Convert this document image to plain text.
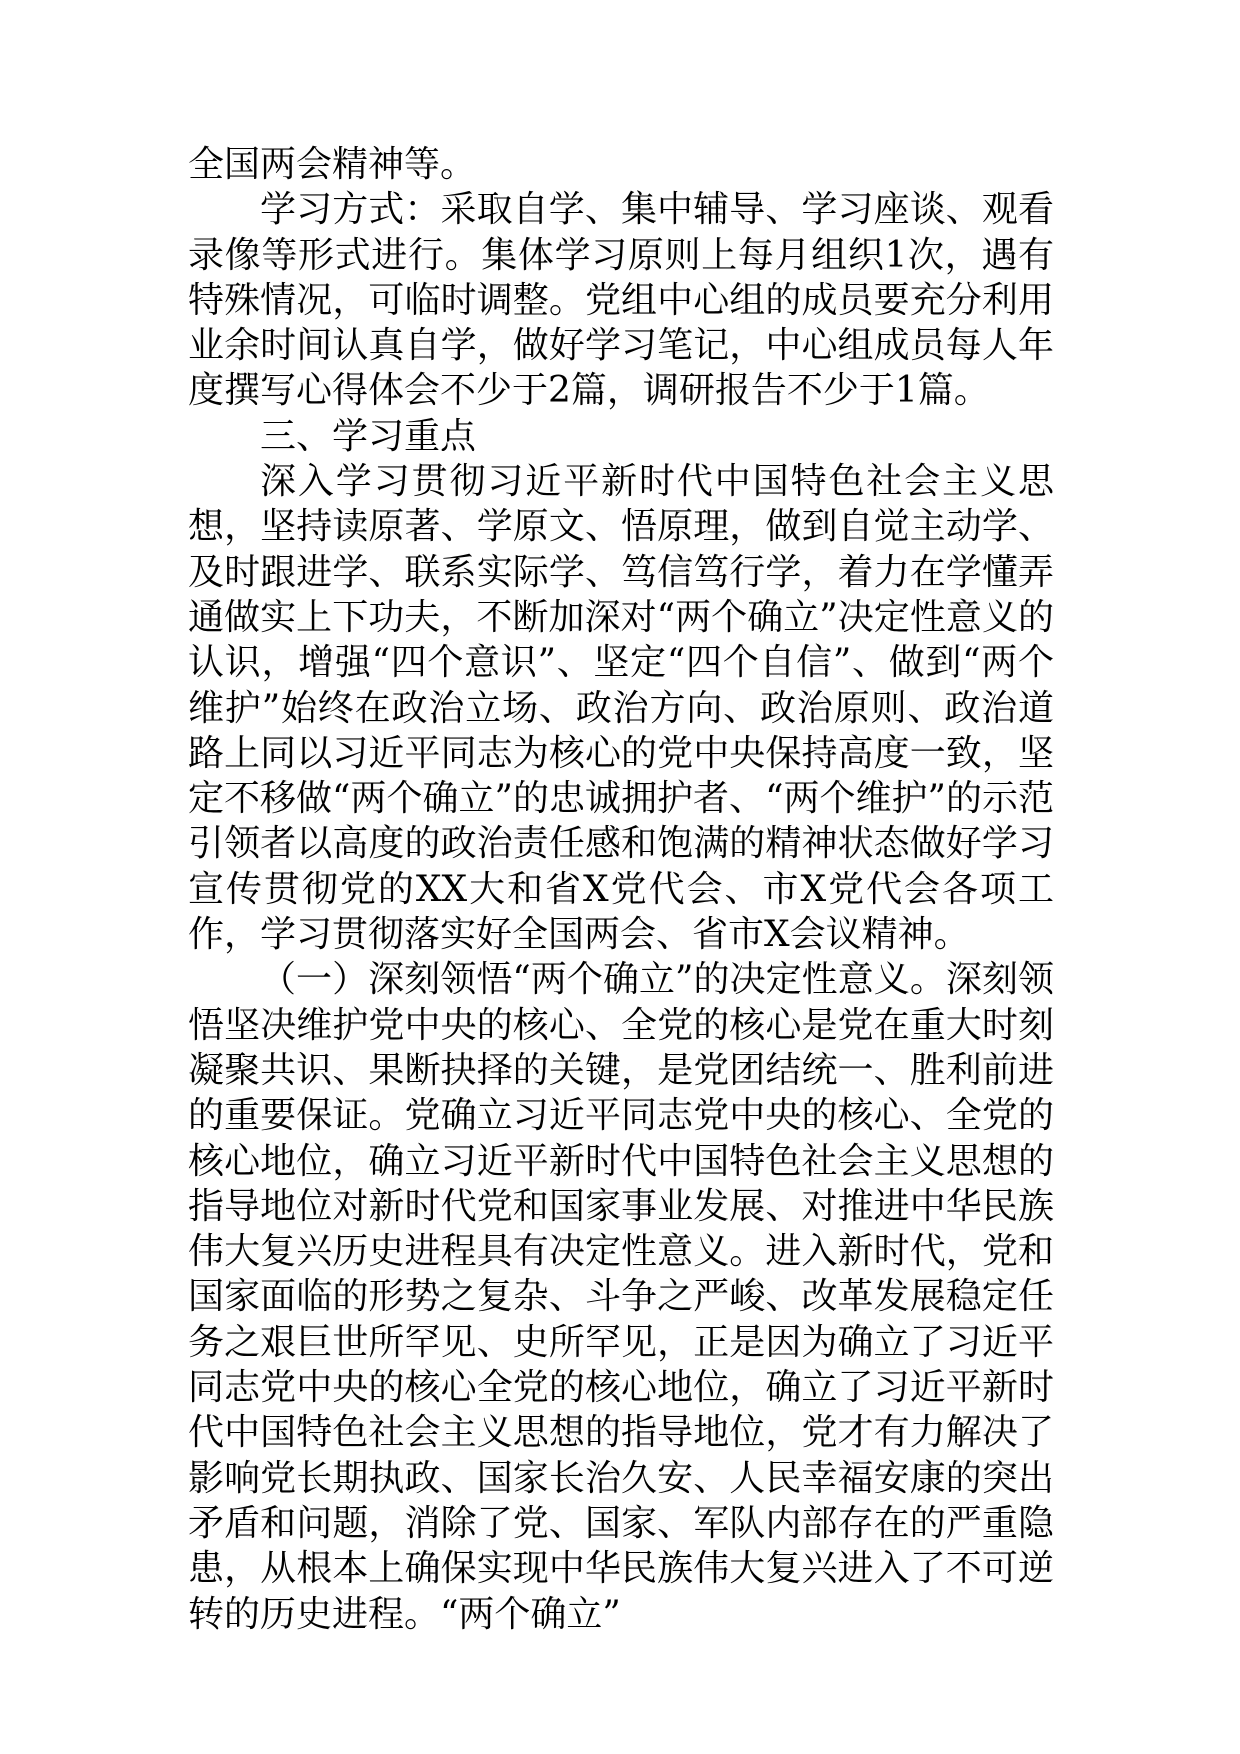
全国两会精神等。

学习方式：采取自学、集中辅导、学习座谈、观看录像等形式进行。集体学习原则上每月组织1次，遇有特殊情况，可临时调整。党组中心组的成员要充分利用业余时间认真自学，做好学习笔记，中心组成员每人年度撰写心得体会不少于2篇，调研报告不少于1篇。

三、学习重点

深入学习贯彻习近平新时代中国特色社会主义思想，坚持读原著、学原文、悟原理，做到自觉主动学、及时跟进学、联系实际学、笃信笃行学，着力在学懂弄通做实上下功夫，不断加深对“两个确立”决定性意义的认识，增强“四个意识”、坚定“四个自信”、做到“两个维护”始终在政治立场、政治方向、政治原则、政治道路上同以习近平同志为核心的党中央保持高度一致，坚定不移做“两个确立”的忠诚拥护者、“两个维护”的示范引领者以高度的政治责任感和饱满的精神状态做好学习宣传贯彻党的XX大和省X党代会、市X党代会各项工作，学习贯彻落实好全国两会、省市X会议精神。

（一）深刻领悟“两个确立”的决定性意义。深刻领悟坚决维护党中央的核心、全党的核心是党在重大时刻凝聚共识、果断抉择的关键，是党团结统一、胜利前进的重要保证。党确立习近平同志党中央的核心、全党的核心地位，确立习近平新时代中国特色社会主义思想的指导地位对新时代党和国家事业发展、对推进中华民族伟大复兴历史进程具有决定性意义。进入新时代，党和国家面临的形势之复杂、斗争之严峻、改革发展稳定任务之艰巨世所罕见、史所罕见，正是因为确立了习近平同志党中央的核心全党的核心地位，确立了习近平新时代中国特色社会主义思想的指导地位，党才有力解决了影响党长期执政、国家长治久安、人民幸福安康的突出矛盾和问题，消除了党、国家、军队内部存在的严重隐患，从根本上确保实现中华民族伟大复兴进入了不可逆转的历史进程。“两个确立”
